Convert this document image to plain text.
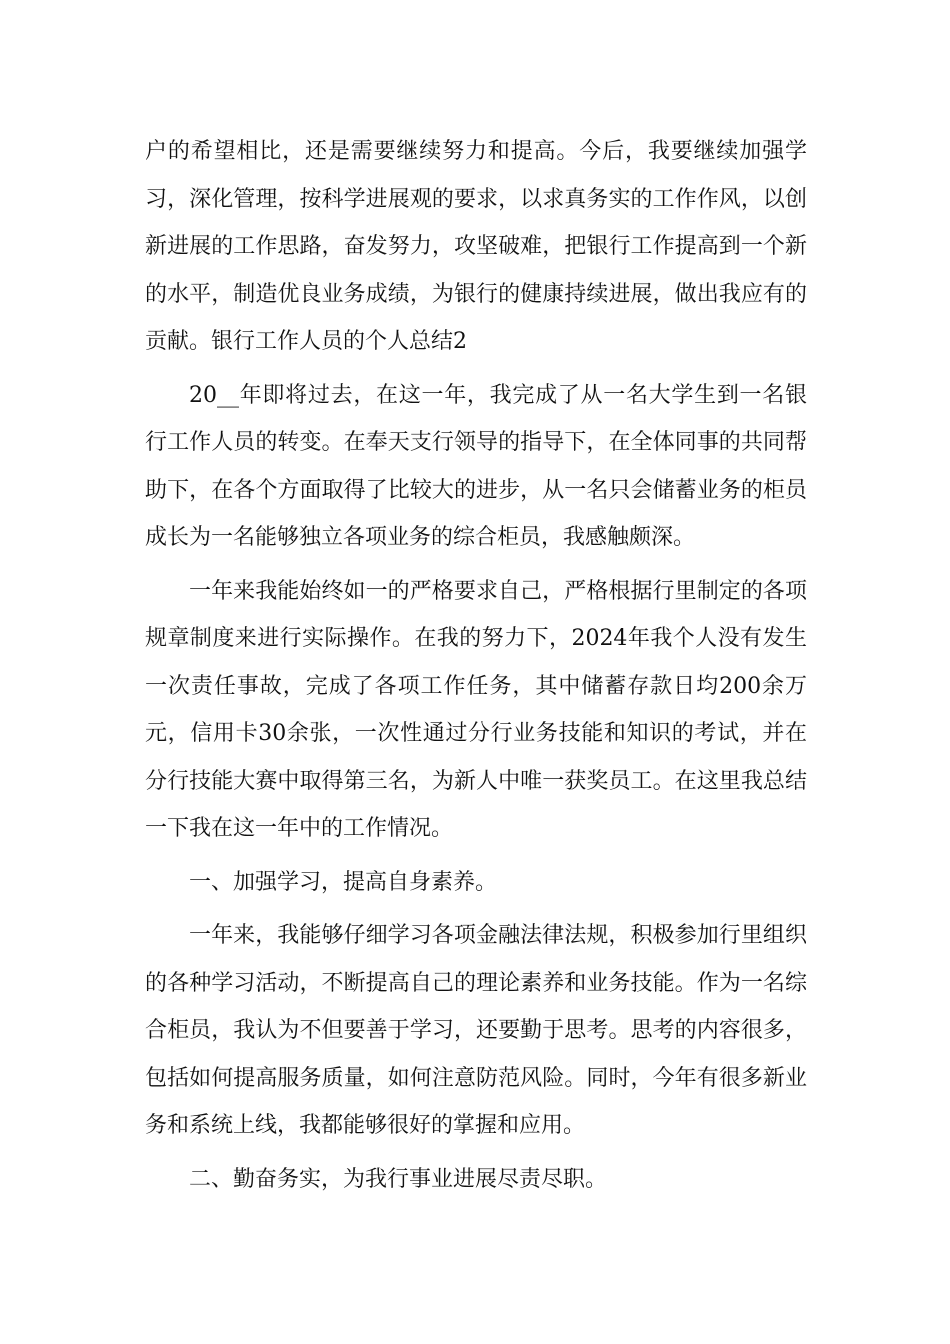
户的希望相比，还是需要继续努力和提高。今后，我要继续加强学习，深化管理，按科学进展观的要求，以求真务实的工作作风，以创新进展的工作思路，奋发努力，攻坚破难，把银行工作提高到一个新的水平，制造优良业务成绩，为银行的健康持续进展，做出我应有的贡献。银行工作人员的个人总结2

20__年即将过去，在这一年，我完成了从一名大学生到一名银行工作人员的转变。在奉天支行领导的指导下，在全体同事的共同帮助下，在各个方面取得了比较大的进步，从一名只会储蓄业务的柜员成长为一名能够独立各项业务的综合柜员，我感触颇深。

一年来我能始终如一的严格要求自己，严格根据行里制定的各项规章制度来进行实际操作。在我的努力下，2024年我个人没有发生一次责任事故，完成了各项工作任务，其中储蓄存款日均200余万元，信用卡30余张，一次性通过分行业务技能和知识的考试，并在分行技能大赛中取得第三名，为新人中唯一获奖员工。在这里我总结一下我在这一年中的工作情况。

一、加强学习，提高自身素养。

一年来，我能够仔细学习各项金融法律法规，积极参加行里组织的各种学习活动，不断提高自己的理论素养和业务技能。作为一名综合柜员，我认为不但要善于学习，还要勤于思考。思考的内容很多，包括如何提高服务质量，如何注意防范风险。同时，今年有很多新业务和系统上线，我都能够很好的掌握和应用。

二、勤奋务实，为我行事业进展尽责尽职。
